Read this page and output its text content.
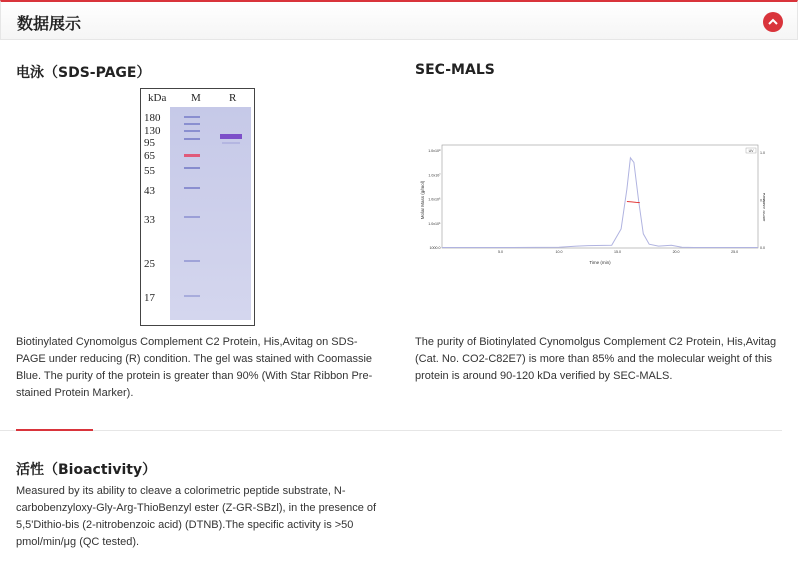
数据展示
电泳（SDS-PAGE）
kDa M	R
180
130
95
65
55
43
33
25
17
Biotinylated Cynomolgus Complement C2 Protein, His,Avitag on SDS-
PAGE under reducing (R) condition. The gel was stained with Coomassie
Blue. The purity of the protein is greater than 90% (With Star Ribbon Pre-
stained Protein Marker).
SEC-MALS
1000.0
1.0x10⁵
1.0x10⁶
1.0x10⁷
1.0x10⁸
0.0
0.5
1.0
5.0	10.0	15.0	20.0	25.0
Molar Mass (g/mol)	Relative Scale
Time (min)
UV
The purity of Biotinylated Cynomolgus Complement C2 Protein, His,Avitag
(Cat. No. CO2-C82E7) is more than 85% and the molecular weight of this
protein is around 90-120 kDa verified by SEC-MALS.
活性（Bioactivity）
Measured by its ability to cleave a colorimetric peptide substrate, N-
carbobenzyloxy-Gly-Arg-ThioBenzyl ester (Z-GR-SBzl), in the presence of
5,5'Dithio-bis (2-nitrobenzoic acid) (DTNB).The specific activity is >50
pmol/min/μg (QC tested).
